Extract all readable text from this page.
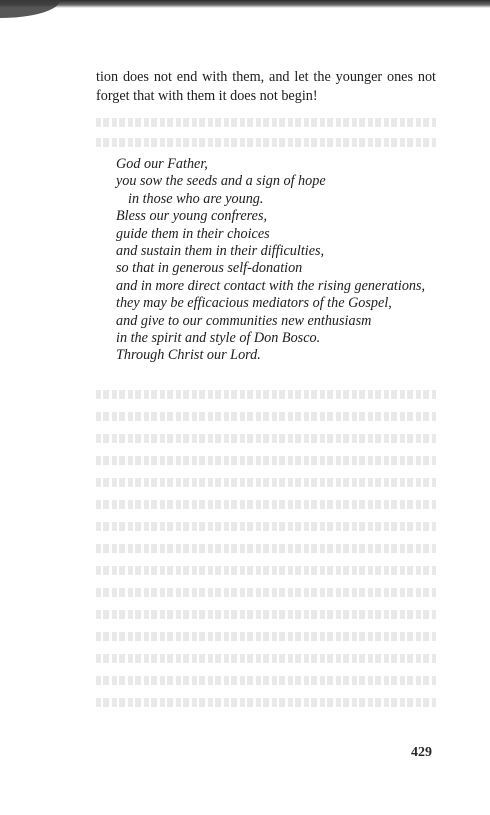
tion does not end with them, and let the younger ones not forget that with them it does not begin!

God our Father,
you sow the seeds and a sign of hope
in those who are young.
Bless our young confreres,
guide them in their choices
and sustain them in their difficulties,
so that in generous self-donation
and in more direct contact with the rising generations,
they may be efficacious mediators of the Gospel,
and give to our communities new enthusiasm
in the spirit and style of Don Bosco.
Through Christ our Lord.

429
